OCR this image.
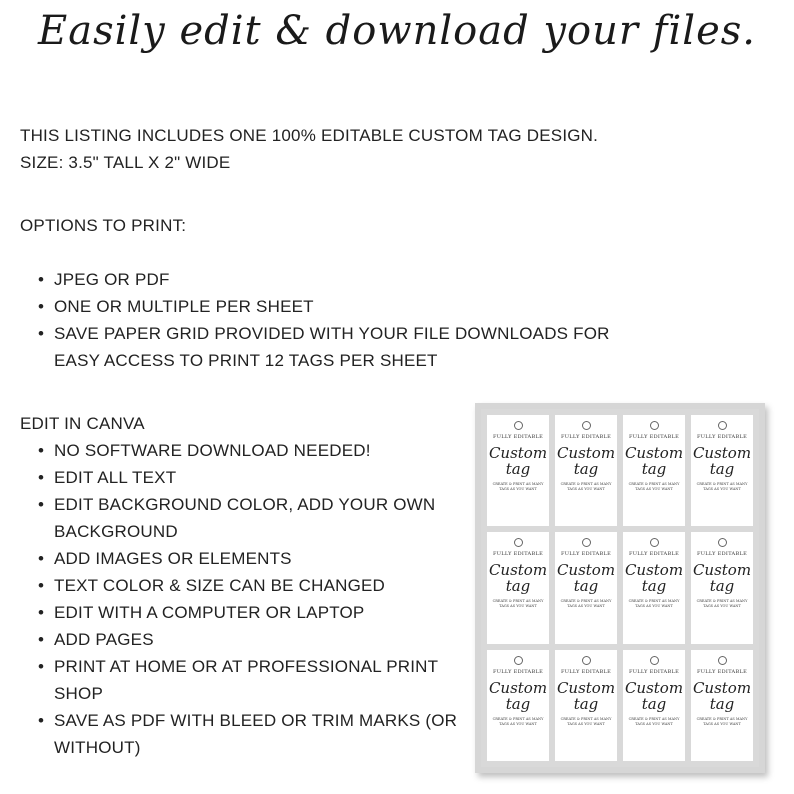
Easily edit & download your files.

THIS LISTING INCLUDES ONE 100% EDITABLE CUSTOM TAG DESIGN.

SIZE: 3.5" TALL X 2" WIDE

OPTIONS TO PRINT:

• JPEG OR PDF
• ONE OR MULTIPLE PER SHEET
• SAVE PAPER GRID PROVIDED WITH YOUR FILE DOWNLOADS FOR EASY ACCESS TO PRINT 12 TAGS PER SHEET

EDIT IN CANVA

• NO SOFTWARE DOWNLOAD NEEDED!
• EDIT ALL TEXT
• EDIT BACKGROUND COLOR, ADD YOUR OWN BACKGROUND
• ADD IMAGES OR ELEMENTS
• TEXT COLOR & SIZE CAN BE CHANGED
• EDIT WITH A COMPUTER OR LAPTOP
• ADD PAGES
• PRINT AT HOME OR AT PROFESSIONAL PRINT SHOP
• SAVE AS PDF WITH BLEED OR TRIM MARKS (OR WITHOUT)
FULLY EDITABLE
Custom
tag
CREATE & PRINT AS MANY TAGS AS YOU WANT
FULLY EDITABLE
Custom
tag
CREATE & PRINT AS MANY TAGS AS YOU WANT
FULLY EDITABLE
Custom
tag
CREATE & PRINT AS MANY TAGS AS YOU WANT
FULLY EDITABLE
Custom
tag
CREATE & PRINT AS MANY TAGS AS YOU WANT
FULLY EDITABLE
Custom
tag
CREATE & PRINT AS MANY TAGS AS YOU WANT
FULLY EDITABLE
Custom
tag
CREATE & PRINT AS MANY TAGS AS YOU WANT
FULLY EDITABLE
Custom
tag
CREATE & PRINT AS MANY TAGS AS YOU WANT
FULLY EDITABLE
Custom
tag
CREATE & PRINT AS MANY TAGS AS YOU WANT
FULLY EDITABLE
Custom
tag
CREATE & PRINT AS MANY TAGS AS YOU WANT
FULLY EDITABLE
Custom
tag
CREATE & PRINT AS MANY TAGS AS YOU WANT
FULLY EDITABLE
Custom
tag
CREATE & PRINT AS MANY TAGS AS YOU WANT
FULLY EDITABLE
Custom
tag
CREATE & PRINT AS MANY TAGS AS YOU WANT
